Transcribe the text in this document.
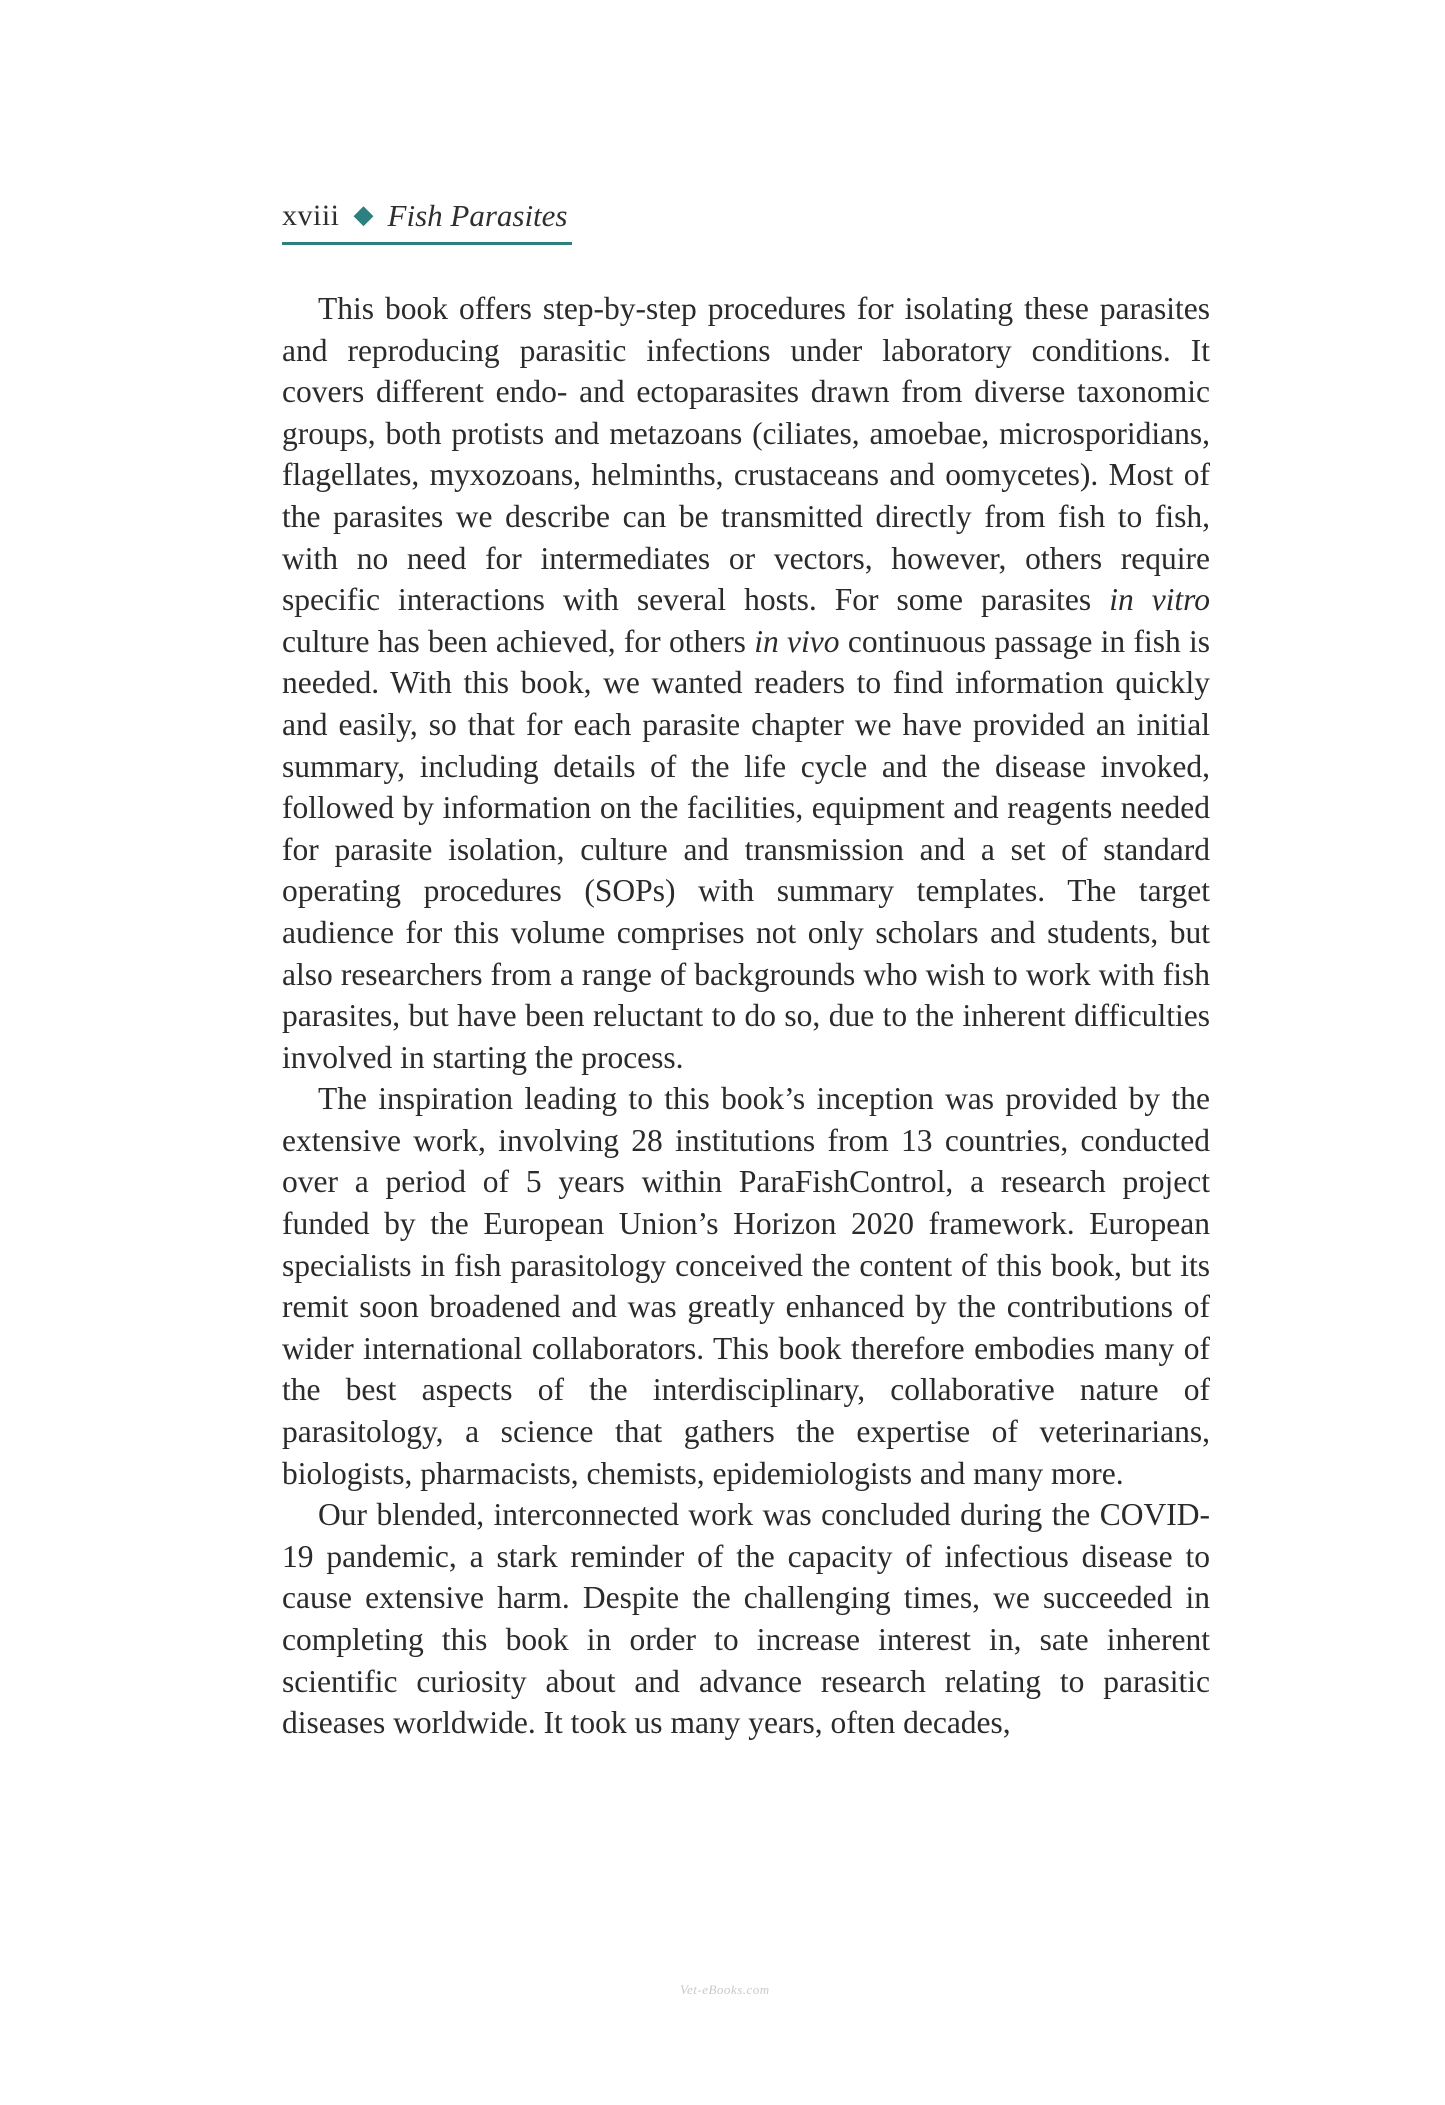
xviii ◆ Fish Parasites

This book offers step-by-step procedures for isolating these parasites and reproducing parasitic infections under laboratory conditions. It covers different endo- and ectoparasites drawn from diverse taxonomic groups, both protists and metazoans (ciliates, amoebae, microsporidians, flagellates, myxozoans, helminths, crustaceans and oomycetes). Most of the parasites we describe can be transmitted directly from fish to fish, with no need for intermediates or vectors, however, others require specific interactions with several hosts. For some parasites in vitro culture has been achieved, for others in vivo continuous passage in fish is needed. With this book, we wanted readers to find information quickly and easily, so that for each parasite chapter we have provided an initial summary, including details of the life cycle and the disease invoked, followed by information on the facilities, equipment and reagents needed for parasite isolation, culture and transmission and a set of standard operating procedures (SOPs) with summary templates. The target audience for this volume comprises not only scholars and students, but also researchers from a range of backgrounds who wish to work with fish parasites, but have been reluctant to do so, due to the inherent difficulties involved in starting the process.

The inspiration leading to this book’s inception was provided by the extensive work, involving 28 institutions from 13 countries, conducted over a period of 5 years within ParaFishControl, a research project funded by the European Union’s Horizon 2020 framework. European specialists in fish parasitology conceived the content of this book, but its remit soon broadened and was greatly enhanced by the contributions of wider international collaborators. This book therefore embodies many of the best aspects of the interdisciplinary, collaborative nature of parasitology, a science that gathers the expertise of veterinarians, biologists, pharmacists, chemists, epidemiologists and many more.

Our blended, interconnected work was concluded during the COVID-19 pandemic, a stark reminder of the capacity of infectious disease to cause extensive harm. Despite the challenging times, we succeeded in completing this book in order to increase interest in, sate inherent scientific curiosity about and advance research relating to parasitic diseases worldwide. It took us many years, often decades,

Vet-eBooks.com
